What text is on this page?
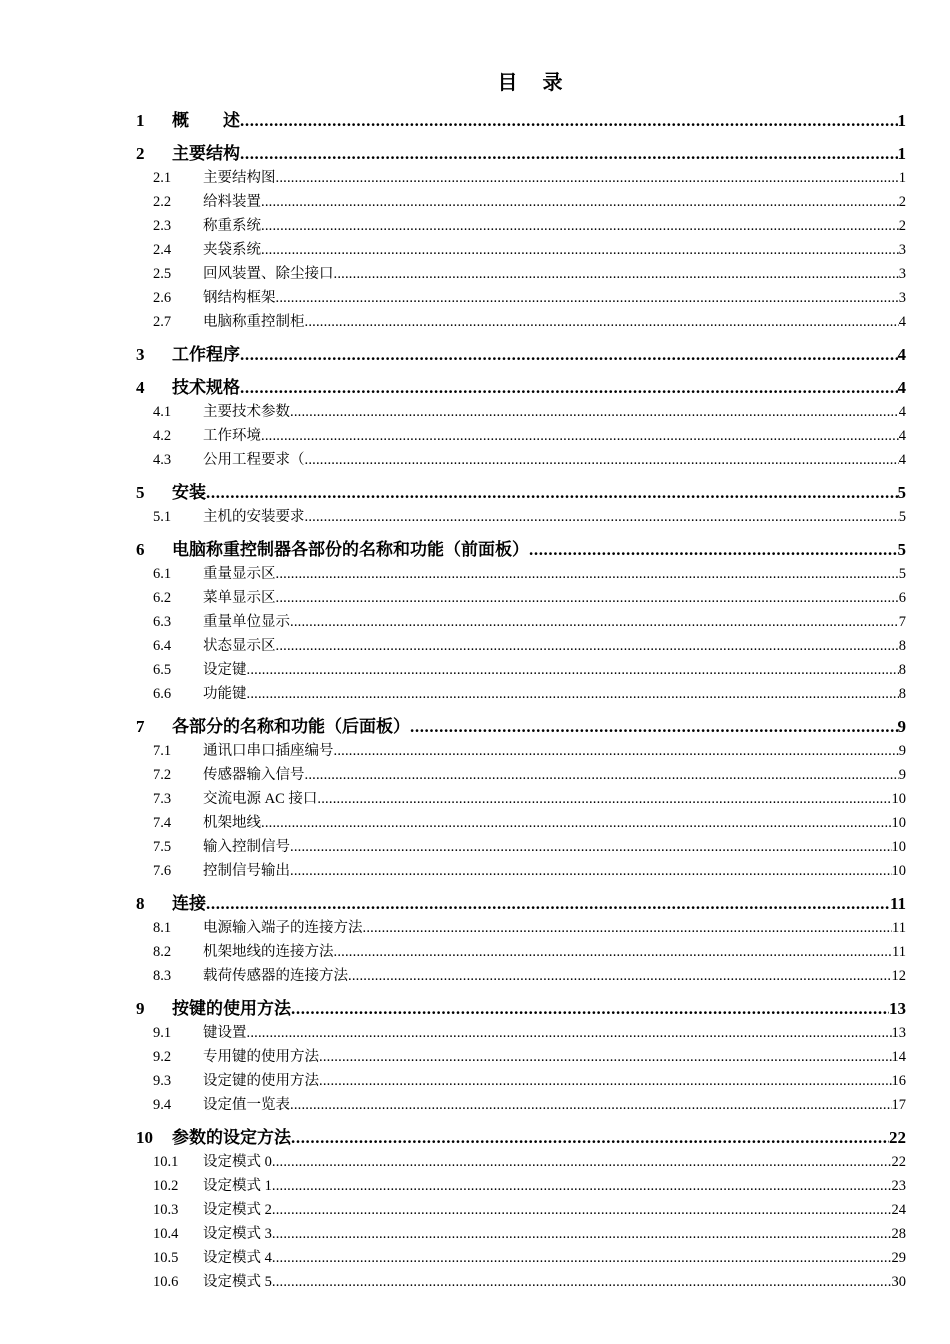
目 录
1	概　　述 .....	1
2	主要结构 .....	1
2.1	主要结构图 .....	1
2.2	给料装置 .....	2
2.3	称重系统 .....	2
2.4	夹袋系统 .....	3
2.5	回风装置、除尘接口 .....	3
2.6	钢结构框架 .....	3
2.7	电脑称重控制柜 .....	4
3	工作程序 .....	4
4	技术规格 .....	4
4.1	主要技术参数 .....	4
4.2	工作环境 .....	4
4.3	公用工程要求（ .....	4
5	安装 .....	5
5.1	主机的安装要求 .....	5
6	电脑称重控制器各部份的名称和功能（前面板） .....	5
6.1	重量显示区 .....	5
6.2	菜单显示区 .....	6
6.3	重量单位显示 .....	7
6.4	状态显示区 .....	8
6.5	设定键 .....	8
6.6	功能键 .....	8
7	各部分的名称和功能（后面板） .....	9
7.1	通讯口串口插座编号 .....	9
7.2	传感器输入信号 .....	9
7.3	交流电源 AC 接口 .....	10
7.4	机架地线 .....	10
7.5	输入控制信号 .....	10
7.6	控制信号输出 .....	10
8	连接 .....	11
8.1	电源输入端子的连接方法 .....	11
8.2	机架地线的连接方法 .....	11
8.3	载荷传感器的连接方法 .....	12
9	按键的使用方法 .....	13
9.1	键设置 .....	13
9.2	专用键的使用方法 .....	14
9.3	设定键的使用方法 .....	16
9.4	设定值一览表 .....	17
10	参数的设定方法 .....	22
10.1	设定模式 0 .....	22
10.2	设定模式 1 .....	23
10.3	设定模式 2 .....	24
10.4	设定模式 3 .....	28
10.5	设定模式 4 .....	29
10.6	设定模式 5 .....	30
